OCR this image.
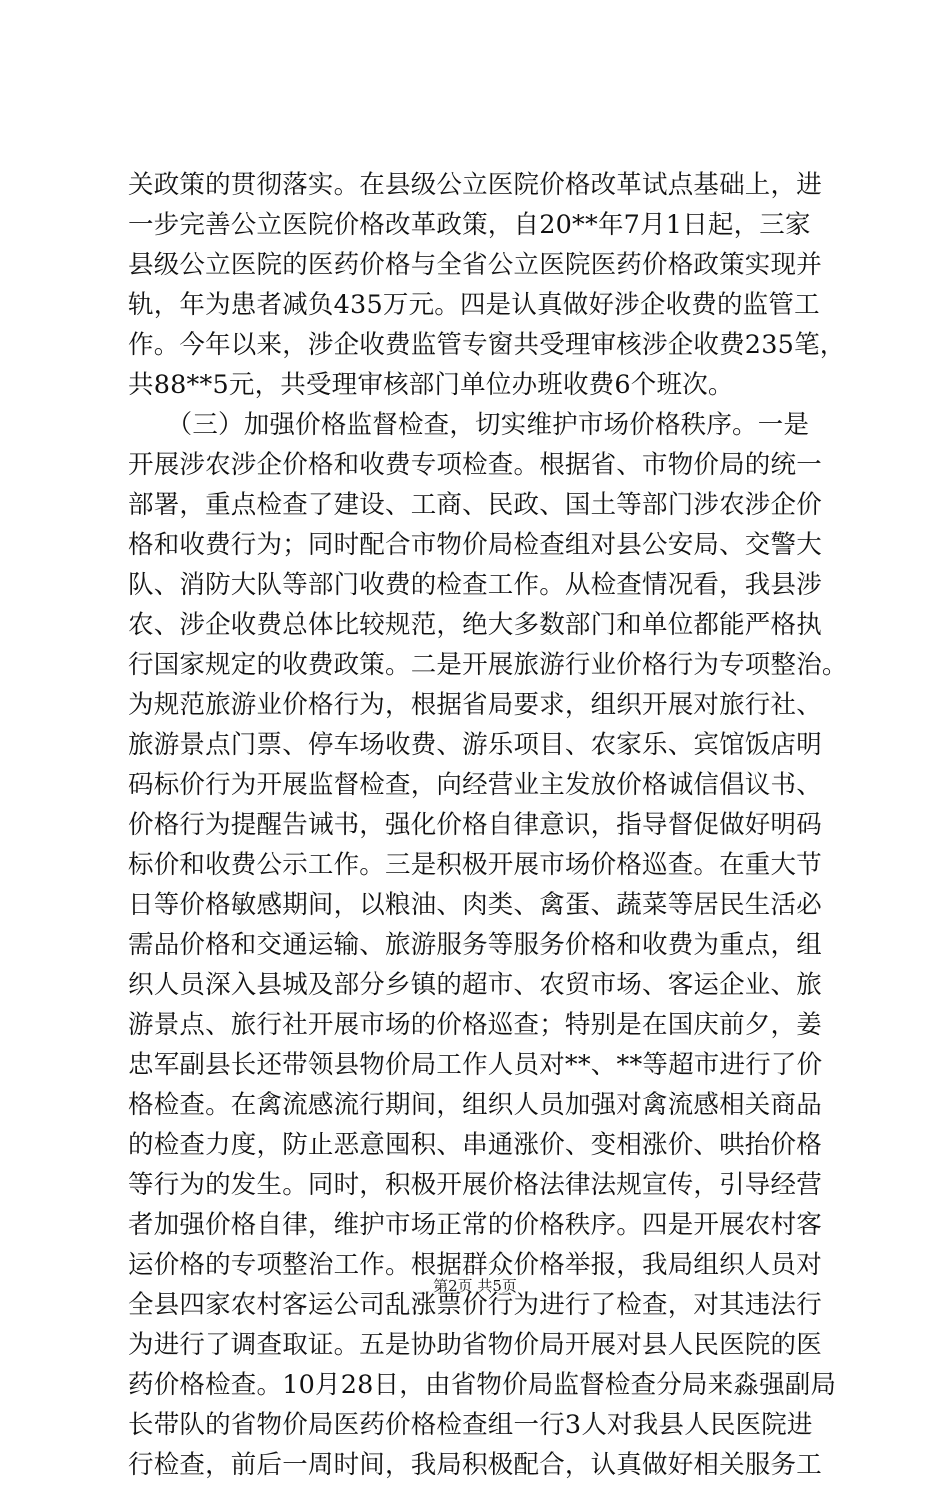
关政策的贯彻落实。在县级公立医院价格改革试点基础上，进
一步完善公立医院价格改革政策，自20**年7月1日起，三家
县级公立医院的医药价格与全省公立医院医药价格政策实现并
轨，年为患者减负435万元。四是认真做好涉企收费的监管工
作。今年以来，涉企收费监管专窗共受理审核涉企收费235笔，
共88**5元，共受理审核部门单位办班收费6个班次。
　　（三）加强价格监督检查，切实维护市场价格秩序。一是
开展涉农涉企价格和收费专项检查。根据省、市物价局的统一
部署，重点检查了建设、工商、民政、国土等部门涉农涉企价
格和收费行为；同时配合市物价局检查组对县公安局、交警大
队、消防大队等部门收费的检查工作。从检查情况看，我县涉
农、涉企收费总体比较规范，绝大多数部门和单位都能严格执
行国家规定的收费政策。二是开展旅游行业价格行为专项整治。
为规范旅游业价格行为，根据省局要求，组织开展对旅行社、
旅游景点门票、停车场收费、游乐项目、农家乐、宾馆饭店明
码标价行为开展监督检查，向经营业主发放价格诚信倡议书、
价格行为提醒告诫书，强化价格自律意识，指导督促做好明码
标价和收费公示工作。三是积极开展市场价格巡查。在重大节
日等价格敏感期间，以粮油、肉类、禽蛋、蔬菜等居民生活必
需品价格和交通运输、旅游服务等服务价格和收费为重点，组
织人员深入县城及部分乡镇的超市、农贸市场、客运企业、旅
游景点、旅行社开展市场的价格巡查；特别是在国庆前夕，姜
忠军副县长还带领县物价局工作人员对**、**等超市进行了价
格检查。在禽流感流行期间，组织人员加强对禽流感相关商品
的检查力度，防止恶意囤积、串通涨价、变相涨价、哄抬价格
等行为的发生。同时，积极开展价格法律法规宣传，引导经营
者加强价格自律，维护市场正常的价格秩序。四是开展农村客
运价格的专项整治工作。根据群众价格举报，我局组织人员对
全县四家农村客运公司乱涨票价行为进行了检查，对其违法行
为进行了调查取证。五是协助省物价局开展对县人民医院的医
药价格检查。10月28日，由省物价局监督检查分局来淼强副局
长带队的省物价局医药价格检查组一行3人对我县人民医院进
行检查，前后一周时间，我局积极配合，认真做好相关服务工
第2页 共5页
